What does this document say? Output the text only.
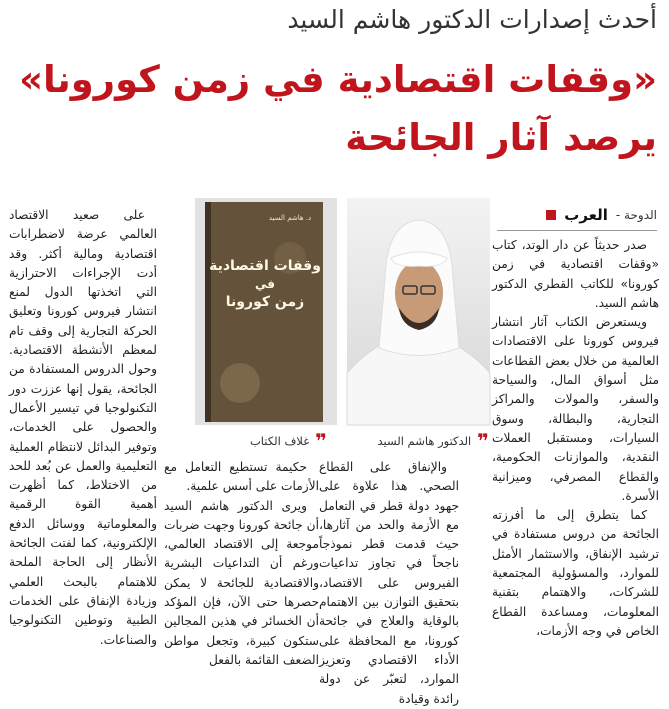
أحدث إصدارات الدكتور هاشم السيد
«وقفات اقتصادية في زمن كورونا»
يرصد آثار الجائحة
الدوحة -
العرب

صدر حديثاً عن دار الوتد، كتاب «وقفات اقتصادية في زمن كورونا» للكاتب القطري الدكتور هاشم السيد.

ويستعرض الكتاب آثار انتشار فيروس كورونا على الاقتصادات العالمية من خلال بعض القطاعات مثل أسواق المال، والسياحة والسفر، والمولات والمراكز التجارية، والبطالة، وسوق السيارات، ومستقبل العملات النقدية، والموازنات الحكومية، والقطاع المصرفي، وميزانية الأسرة.

كما يتطرق إلى ما أفرزته الجائحة من دروس مستفادة في ترشيد الإنفاق، والاستثمار الأمثل للموارد، والمسؤولية المجتمعية للشركات، والاهتمام بتقنية المعلومات، ومساعدة القطاع الخاص في وجه الأزمات،

د. هاشم السيد
وقفات اقتصادية
في
زمن كورونا
❞
الدكتور هاشم السيد
❞
غلاف الكتاب

والإنفاق على القطاع الصحي. هذا علاوة على جهود دولة قطر في التعامل مع الأزمة والحد من آثارها، حيث قدمت قطر نموذجاً ناجحاً في تجاوز تداعيات الفيروس على الاقتصاد، بتحقيق التوازن بين الاهتمام بالوقاية والعلاج في جائحة كورونا، مع المحافظة على الأداء الاقتصادي وتعزيز الموارد، لتعبّر عن دولة رائدة وقيادة

حكيمة تستطيع التعامل مع الأزمات على أسس علمية.

ويرى الدكتور هاشم السيد أن جائحة كورونا وجهت ضربات موجعة إلى الاقتصاد العالمي، ورغم أن التداعيات البشرية والاقتصادية للجائحة لا يمكن حصرها حتى الآن، فإن المؤكد أن الخسائر في هذين المجالين ستكون كبيرة، وتجعل مواطن الضعف القائمة بالفعل

على صعيد الاقتصاد العالمي عرضة لاضطرابات اقتصادية ومالية أكثر. وقد أدت الإجراءات الاحترازية التي اتخذتها الدول لمنع انتشار فيروس كورونا وتعليق الحركة التجارية إلى وقف تام لمعظم الأنشطة الاقتصادية. وحول الدروس المستفادة من الجائحة، يقول إنها عززت دور التكنولوجيا في تيسير الأعمال والحصول على الخدمات، وتوفير البدائل لانتظام العملية التعليمية والعمل عن بُعد للحد من الاختلاط، كما أظهرت أهمية القوة الرقمية والمعلوماتية ووسائل الدفع الإلكترونية، كما لفتت الجائحة الأنظار إلى الحاجة الملحة للاهتمام بالبحث العلمي وزيادة الإنفاق على الخدمات الطبية وتوطين التكنولوجيا والصناعات.
